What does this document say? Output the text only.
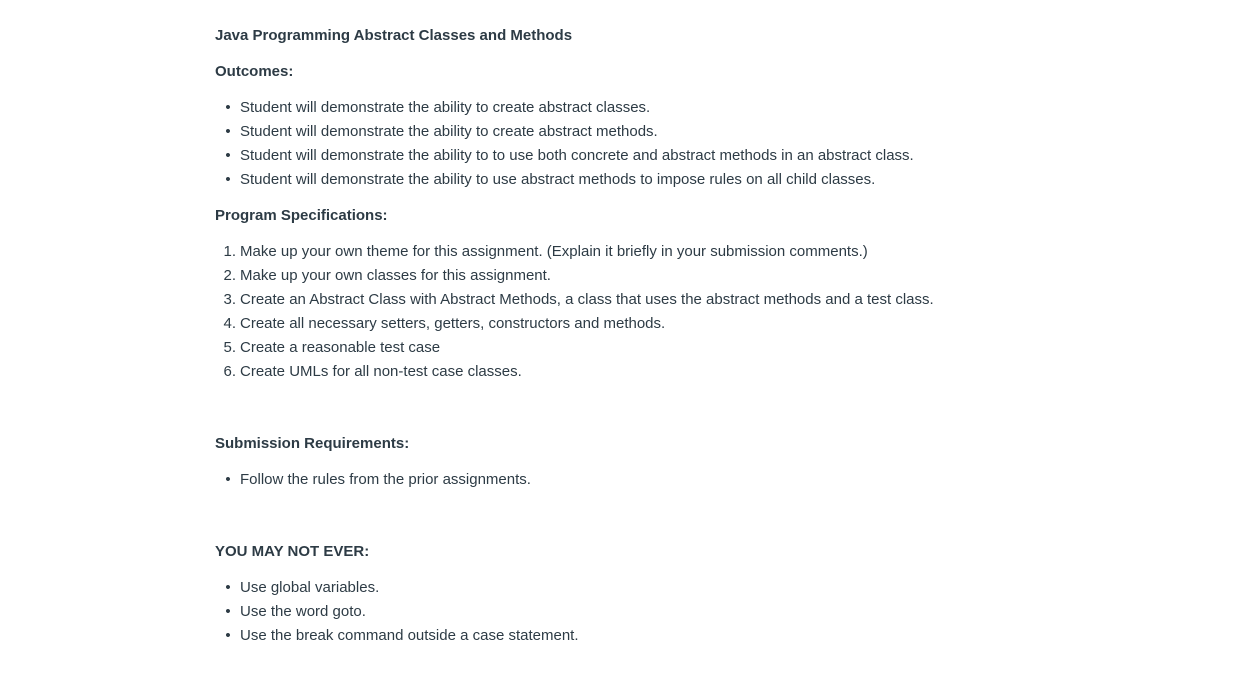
Java Programming Abstract Classes and Methods
Outcomes:
• Student will demonstrate the ability to create abstract classes.
• Student will demonstrate the ability to create abstract methods.
• Student will demonstrate the ability to to use both concrete and abstract methods in an abstract class.
• Student will demonstrate the ability to use abstract methods to impose rules on all child classes.
Program Specifications:
1. Make up your own theme for this assignment. (Explain it briefly in your submission comments.)
2. Make up your own classes for this assignment.
3. Create an Abstract Class with Abstract Methods, a class that uses the abstract methods and a test class.
4. Create all necessary setters, getters, constructors and methods.
5. Create a reasonable test case
6. Create UMLs for all non-test case classes.
Submission Requirements:
• Follow the rules from the prior assignments.
YOU MAY NOT EVER:
• Use global variables.
• Use the word goto.
• Use the break command outside a case statement.
